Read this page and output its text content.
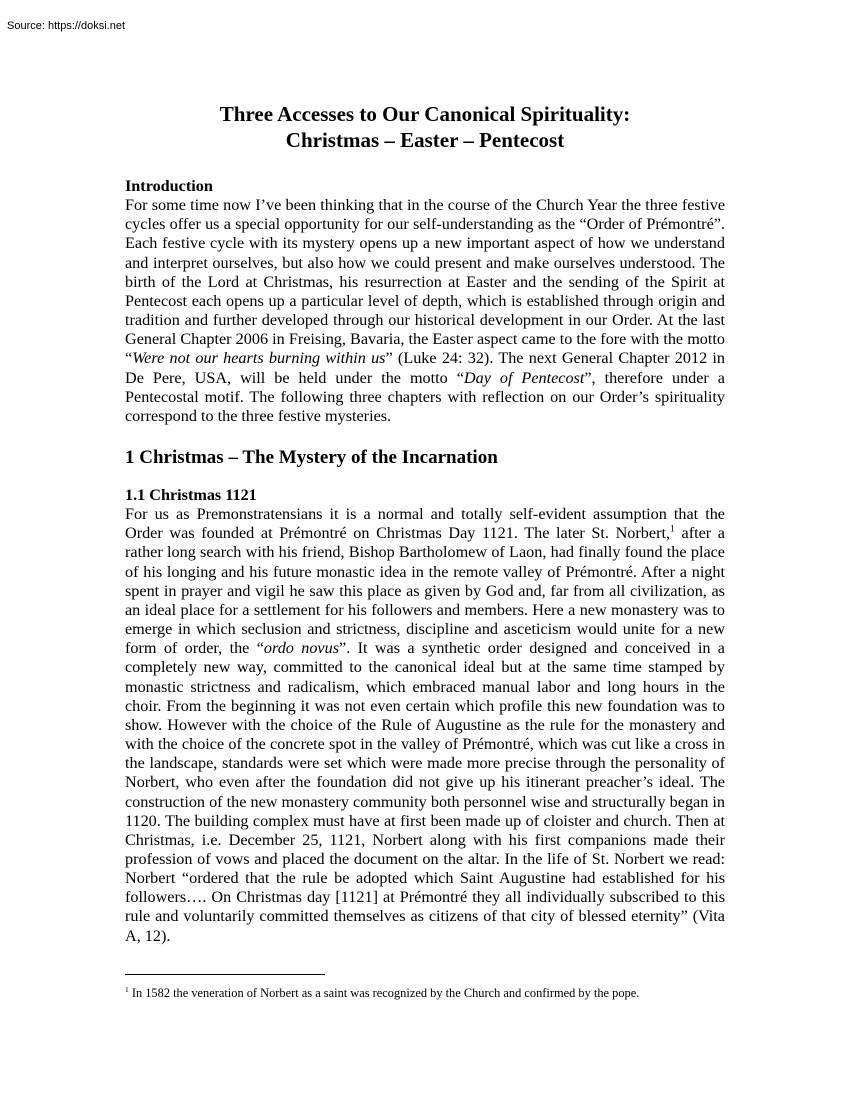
Source: https://doksi.net
Three Accesses to Our Canonical Spirituality:
Christmas – Easter – Pentecost

Introduction

For some time now I’ve been thinking that in the course of the Church Year the three festive cycles offer us a special opportunity for our self-understanding as the “Order of Prémontré”. Each festive cycle with its mystery opens up a new important aspect of how we understand and interpret ourselves, but also how we could present and make ourselves understood. The birth of the Lord at Christmas, his resurrection at Easter and the sending of the Spirit at Pentecost each opens up a particular level of depth, which is established through origin and tradition and further developed through our historical development in our Order. At the last General Chapter 2006 in Freising, Bavaria, the Easter aspect came to the fore with the motto “Were not our hearts burning within us” (Luke 24: 32). The next General Chapter 2012 in De Pere, USA, will be held under the motto “Day of Pentecost”, therefore under a Pentecostal motif. The following three chapters with reflection on our Order’s spirituality correspond to the three festive mysteries.

1 Christmas – The Mystery of the Incarnation

1.1 Christmas 1121

For us as Premonstratensians it is a normal and totally self-evident assumption that the Order was founded at Prémontré on Christmas Day 1121. The later St. Norbert,$^1$ after a rather long search with his friend, Bishop Bartholomew of Laon, had finally found the place of his longing and his future monastic idea in the remote valley of Prémontré. After a night spent in prayer and vigil he saw this place as given by God and, far from all civilization, as an ideal place for a settlement for his followers and members. Here a new monastery was to emerge in which seclusion and strictness, discipline and asceticism would unite for a new form of order, the “ordo novus”. It was a synthetic order designed and conceived in a completely new way, committed to the canonical ideal but at the same time stamped by monastic strictness and radicalism, which embraced manual labor and long hours in the choir. From the beginning it was not even certain which profile this new foundation was to show. However with the choice of the Rule of Augustine as the rule for the monastery and with the choice of the concrete spot in the valley of Prémontré, which was cut like a cross in the landscape, standards were set which were made more precise through the personality of Norbert, who even after the foundation did not give up his itinerant preacher’s ideal. The construction of the new monastery community both personnel wise and structurally began in 1120. The building complex must have at first been made up of cloister and church. Then at Christmas, i.e. December 25, 1121, Norbert along with his first companions made their profession of vows and placed the document on the altar. In the life of St. Norbert we read: Norbert “ordered that the rule be adopted which Saint Augustine had established for his followers…. On Christmas day [1121] at Prémontré they all individually subscribed to this rule and voluntarily committed themselves as citizens of that city of blessed eternity” (Vita A, 12).

$^1$ In 1582 the veneration of Norbert as a saint was recognized by the Church and confirmed by the pope.
